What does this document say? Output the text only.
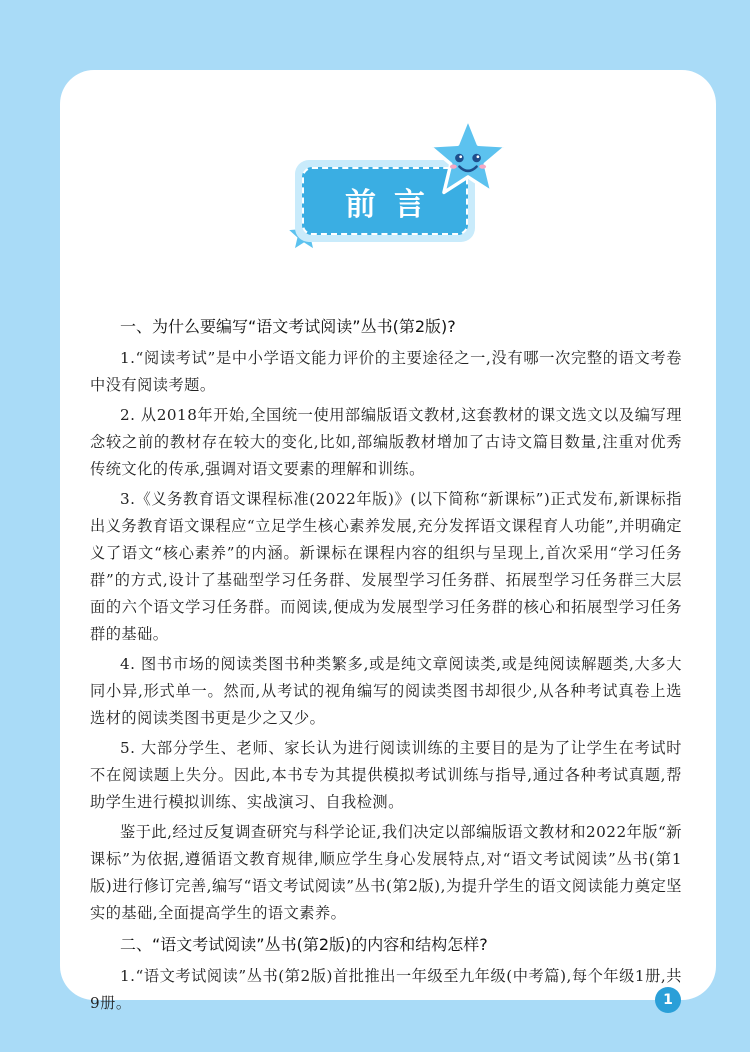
前言
一、为什么要编写“语文考试阅读”丛书(第2版)?

1.“阅读考试”是中小学语文能力评价的主要途径之一,没有哪一次完整的语文考卷中没有阅读考题。

2. 从2018年开始,全国统一使用部编版语文教材,这套教材的课文选文以及编写理念较之前的教材存在较大的变化,比如,部编版教材增加了古诗文篇目数量,注重对优秀传统文化的传承,强调对语文要素的理解和训练。

3.《义务教育语文课程标准(2022年版)》(以下简称“新课标”)正式发布,新课标指出义务教育语文课程应“立足学生核心素养发展,充分发挥语文课程育人功能”,并明确定义了语文“核心素养”的内涵。新课标在课程内容的组织与呈现上,首次采用“学习任务群”的方式,设计了基础型学习任务群、发展型学习任务群、拓展型学习任务群三大层面的六个语文学习任务群。而阅读,便成为发展型学习任务群的核心和拓展型学习任务群的基础。

4. 图书市场的阅读类图书种类繁多,或是纯文章阅读类,或是纯阅读解题类,大多大同小异,形式单一。然而,从考试的视角编写的阅读类图书却很少,从各种考试真卷上选选材的阅读类图书更是少之又少。

5. 大部分学生、老师、家长认为进行阅读训练的主要目的是为了让学生在考试时不在阅读题上失分。因此,本书专为其提供模拟考试训练与指导,通过各种考试真题,帮助学生进行模拟训练、实战演习、自我检测。

鉴于此,经过反复调查研究与科学论证,我们决定以部编版语文教材和2022年版“新课标”为依据,遵循语文教育规律,顺应学生身心发展特点,对“语文考试阅读”丛书(第1版)进行修订完善,编写“语文考试阅读”丛书(第2版),为提升学生的语文阅读能力奠定坚实的基础,全面提高学生的语文素养。

二、“语文考试阅读”丛书(第2版)的内容和结构怎样?

1.“语文考试阅读”丛书(第2版)首批推出一年级至九年级(中考篇),每个年级1册,共9册。	1
